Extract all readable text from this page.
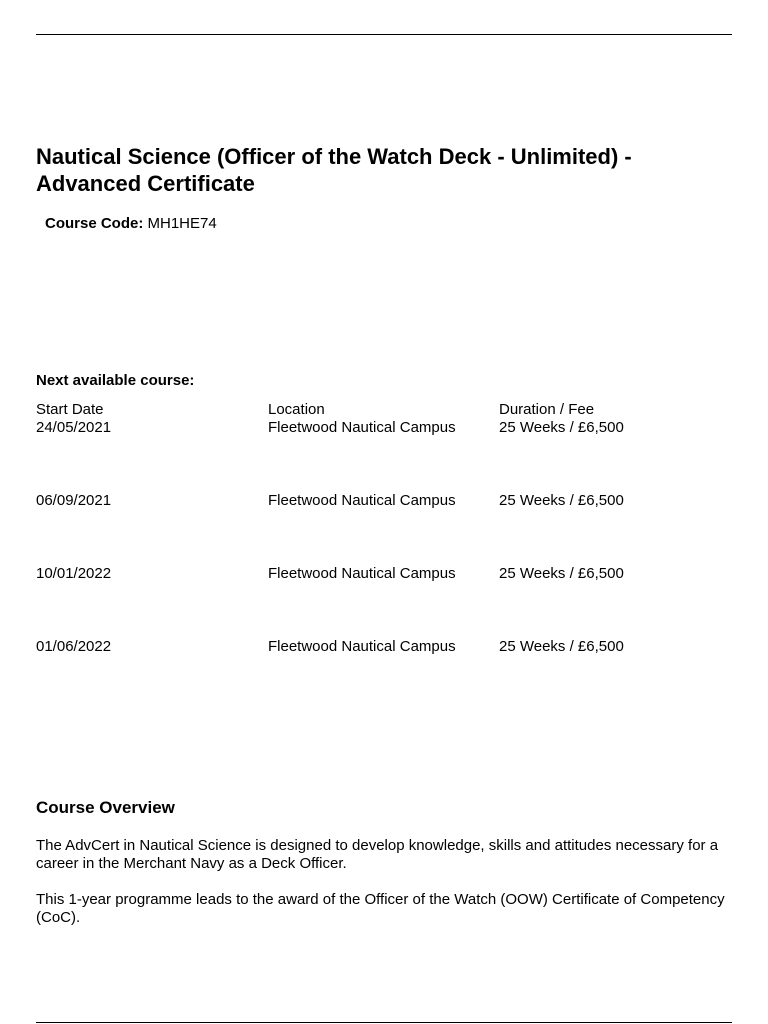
Nautical Science (Officer of the Watch Deck - Unlimited) - Advanced Certificate
Course Code: MH1HE74
Next available course:
Start Date	Location	Duration / Fee
24/05/2021	Fleetwood Nautical Campus	25 Weeks / £6,500
06/09/2021	Fleetwood Nautical Campus	25 Weeks / £6,500
10/01/2022	Fleetwood Nautical Campus	25 Weeks / £6,500
01/06/2022	Fleetwood Nautical Campus	25 Weeks / £6,500
Course Overview

The AdvCert in Nautical Science is designed to develop knowledge, skills and attitudes necessary for a career in the Merchant Navy as a Deck Officer.

This 1-year programme leads to the award of the Officer of the Watch (OOW) Certificate of Competency (CoC).
